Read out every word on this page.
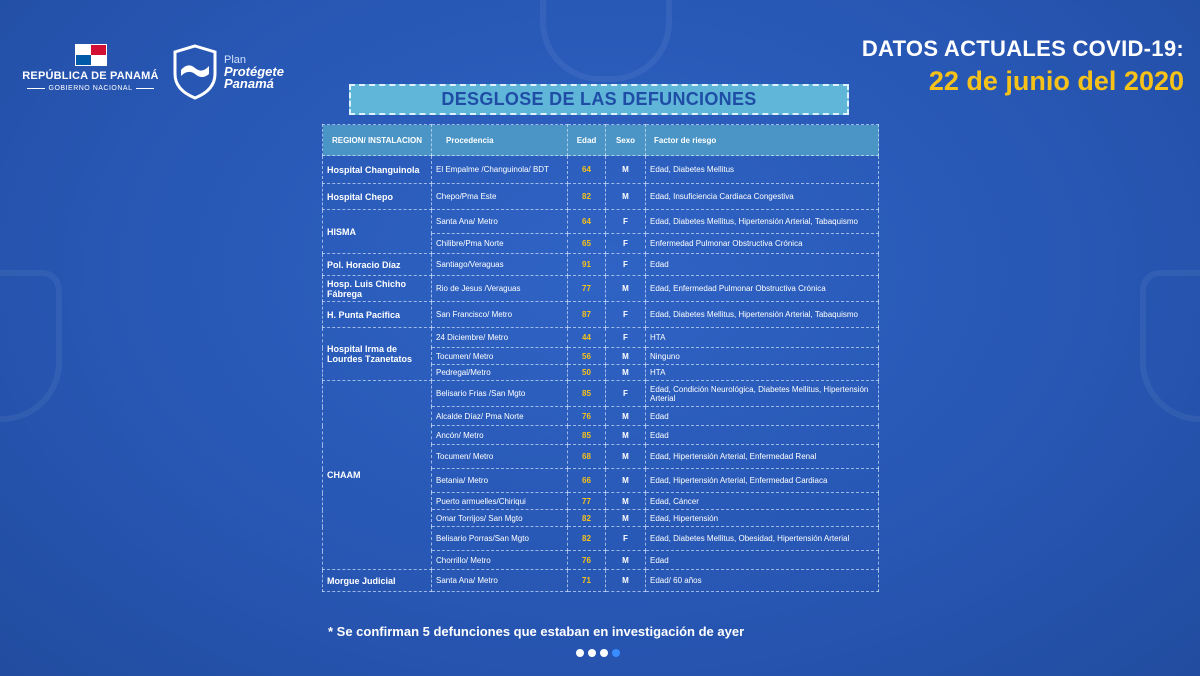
REPÚBLICA DE PANAMÁ
GOBIERNO NACIONAL
Plan
Protégete
Panamá
DATOS ACTUALES COVID-19:
22 de junio del 2020
DESGLOSE DE LAS DEFUNCIONES
REGION/ INSTALACION	Procedencia	Edad	Sexo	Factor de riesgo
Hospital Changuinola	El Empalme /Changuinola/ BDT	64	M	Edad, Diabetes Mellitus
Hospital Chepo	Chepo/Pma Este	82	M	Edad, Insuficiencia Cardiaca Congestiva
HISMA	Santa Ana/ Metro	64	F	Edad, Diabetes Mellitus, Hipertensión Arterial, Tabaquismo
	Chilibre/Pma Norte	65	F	Enfermedad Pulmonar Obstructiva Crónica
Pol. Horacio Díaz	Santiago/Veraguas	91	F	Edad
Hosp. Luis Chicho Fábrega	Rio de Jesus /Veraguas	77	M	Edad, Enfermedad Pulmonar Obstructiva Crónica
H. Punta Pacifica	San Francisco/ Metro	87	F	Edad, Diabetes Mellitus, Hipertensión Arterial, Tabaquismo
Hospital Irma de Lourdes Tzanetatos	24 Diciembre/ Metro	44	F	HTA
	Tocumen/ Metro	56	M	Ninguno
	Pedregal/Metro	50	M	HTA
CHAAM	Belisario Frias /San Mgto	85	F	Edad, Condición Neurológica, Diabetes Mellitus, Hipertensión Arterial
	Alcalde Díaz/ Pma Norte	76	M	Edad
	Ancón/ Metro	85	M	Edad
	Tocumen/ Metro	68	M	Edad, Hipertensión Arterial, Enfermedad Renal
	Betania/ Metro	66	M	Edad, Hipertensión Arterial, Enfermedad Cardiaca
	Puerto armuelles/Chiriqui	77	M	Edad, Cáncer
	Omar Torrijos/ San Mgto	82	M	Edad, Hipertensión
	Belisario Porras/San Mgto	82	F	Edad, Diabetes Mellitus, Obesidad, Hipertensión Arterial
	Chorrillo/ Metro	76	M	Edad
Morgue Judicial	Santa Ana/ Metro	71	M	Edad/ 60 años
* Se confirman 5 defunciones que estaban en investigación de ayer
